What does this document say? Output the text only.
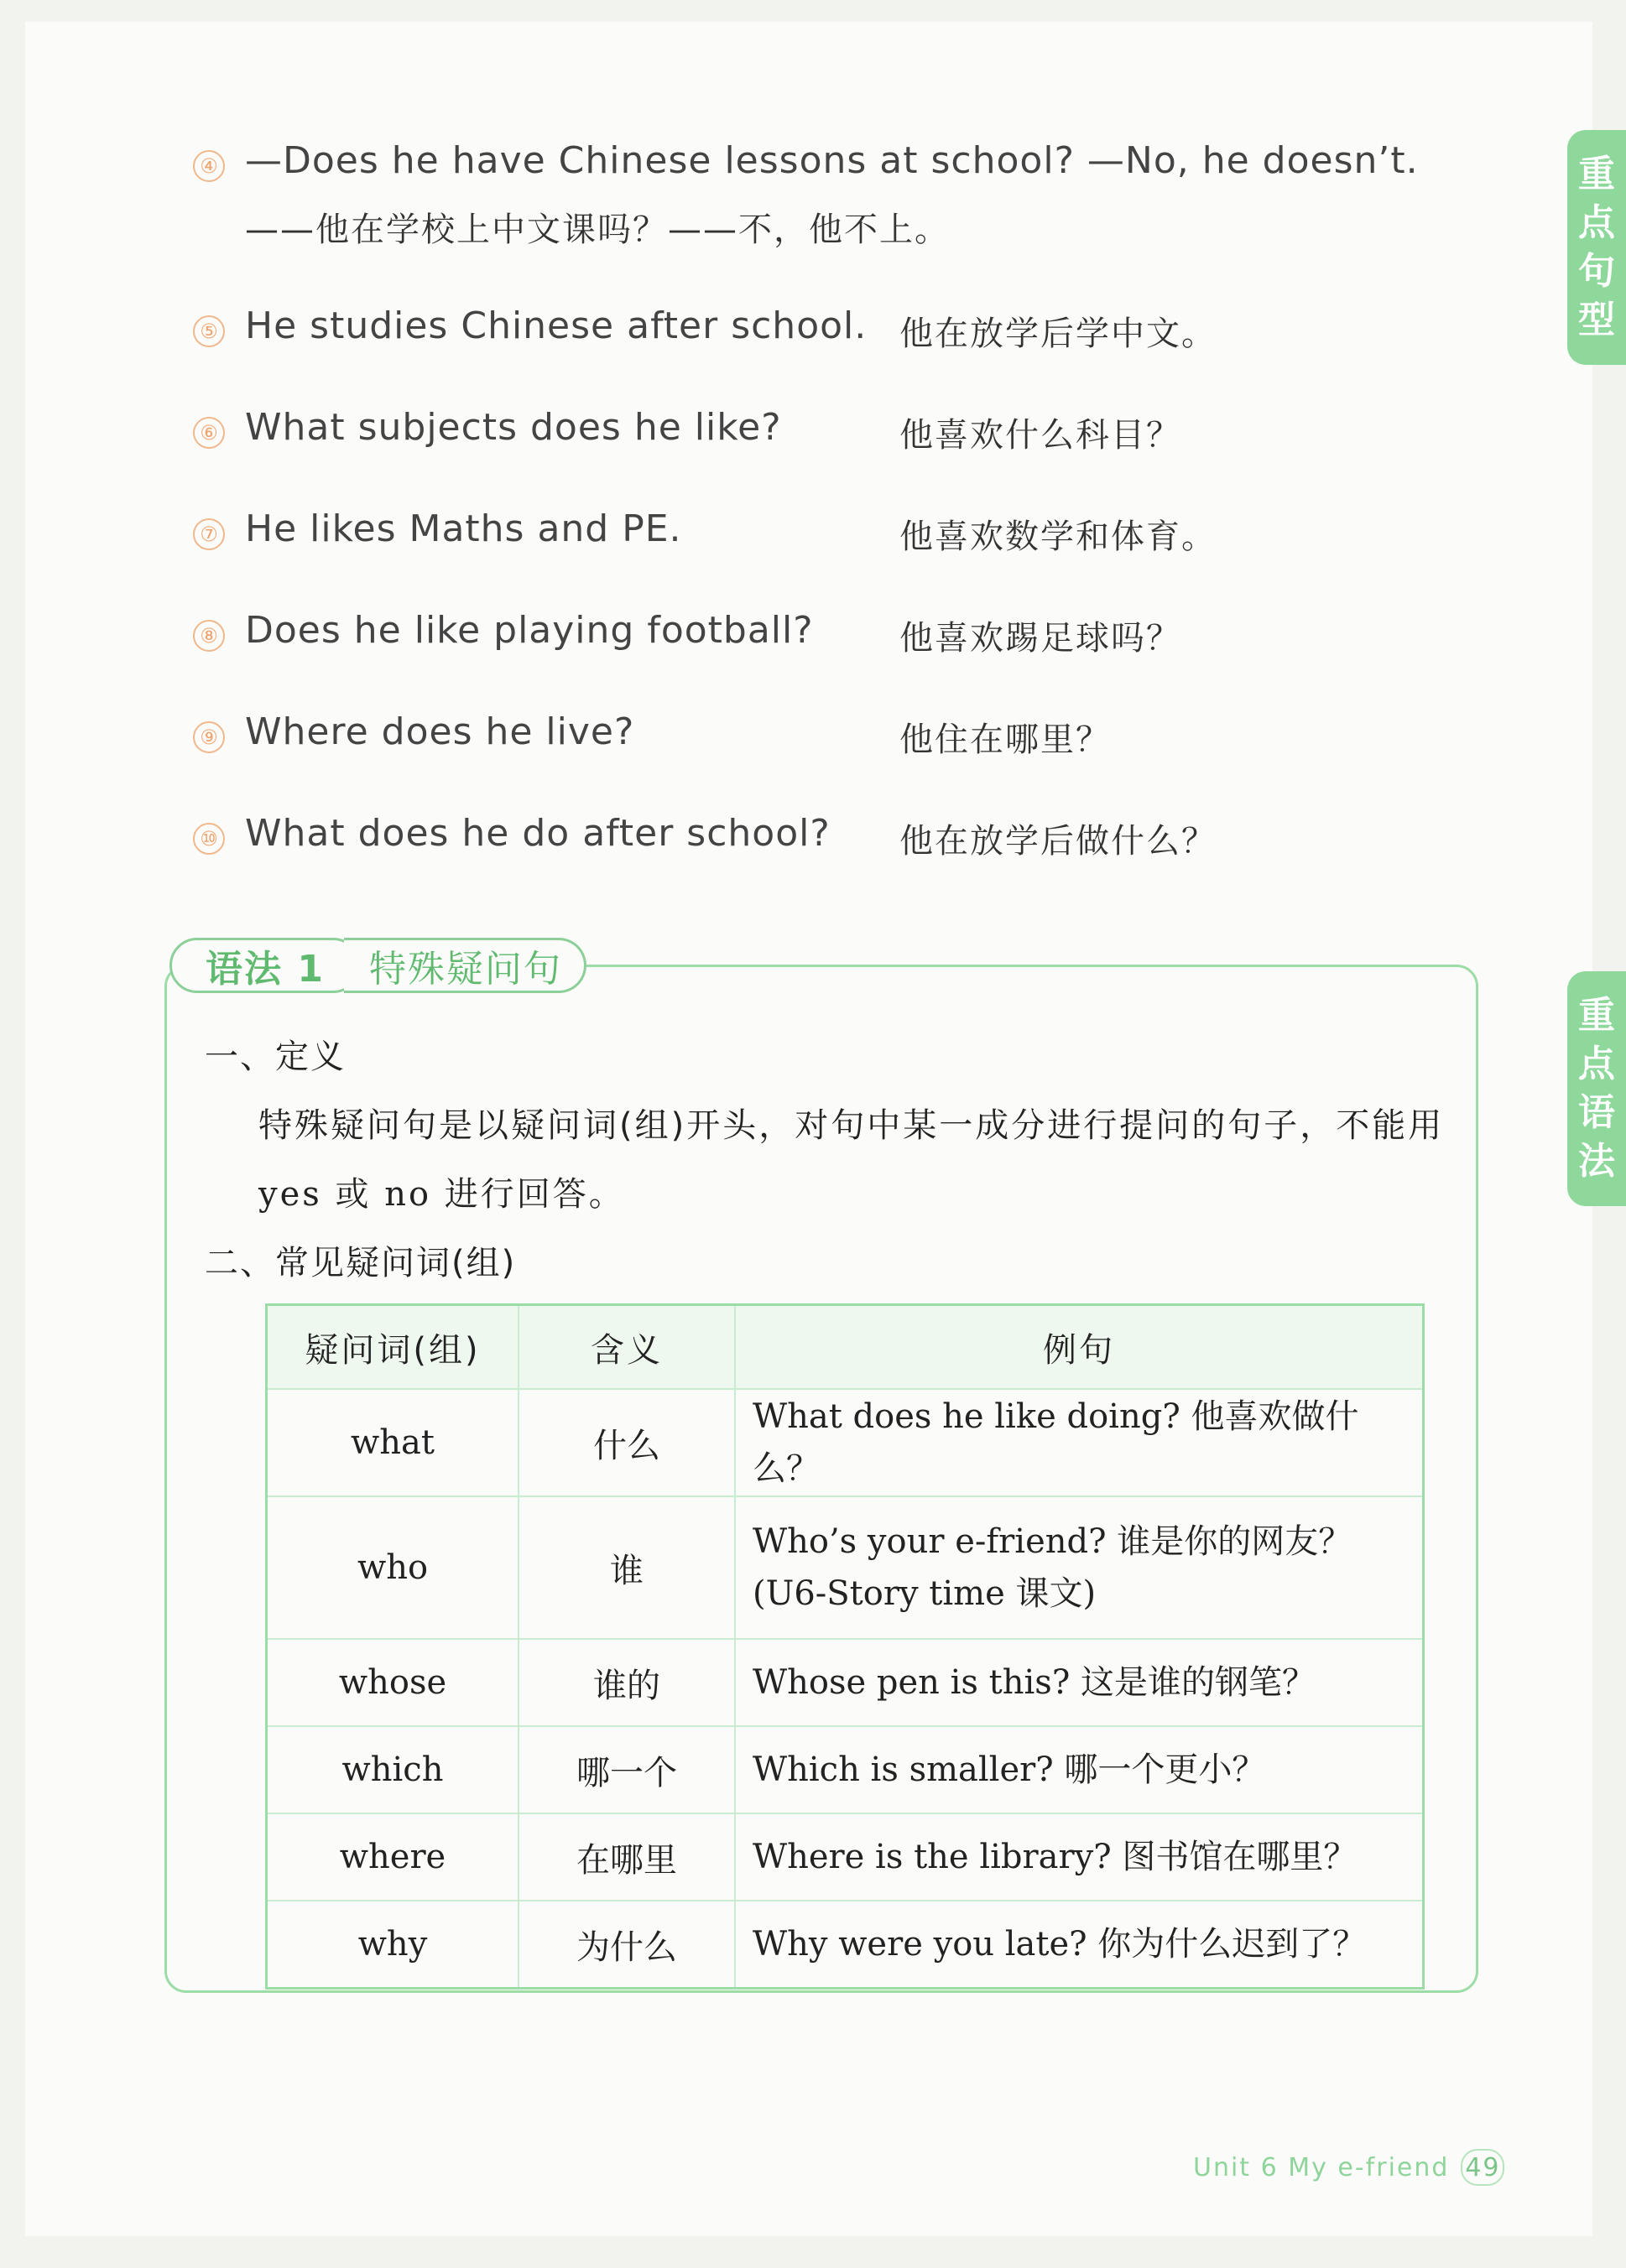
重
点
句
型
重
点
语
法
④ —Does he have Chinese lessons at school? —No, he doesn’t.
——他在学校上中文课吗？——不，他不上。
⑤ He studies Chinese after school. 他在放学后学中文。
⑥ What subjects does he like?	他喜欢什么科目？
⑦ He likes Maths and PE.	他喜欢数学和体育。
⑧ Does he like playing football?	他喜欢踢足球吗？
⑨ Where does he live?	他住在哪里？
⑩ What does he do after school? 他在放学后做什么？
语法 1	特殊疑问句
一、定义
特殊疑问句是以疑问词(组)开头，对句中某一成分进行提问的句子，不能用
yes 或 no 进行回答。
二、常见疑问词(组)
疑问词(组)	含义	例句
what	什么	What does he like doing? 他喜欢做什么？
who	谁	Who’s your e-friend? 谁是你的网友？
(U6-Story time 课文)
whose	谁的	Whose pen is this? 这是谁的钢笔？
which	哪一个	Which is smaller? 哪一个更小？
where	在哪里	Where is the library? 图书馆在哪里？
why	为什么	Why were you late? 你为什么迟到了？
Unit 6 My e-friend 49
